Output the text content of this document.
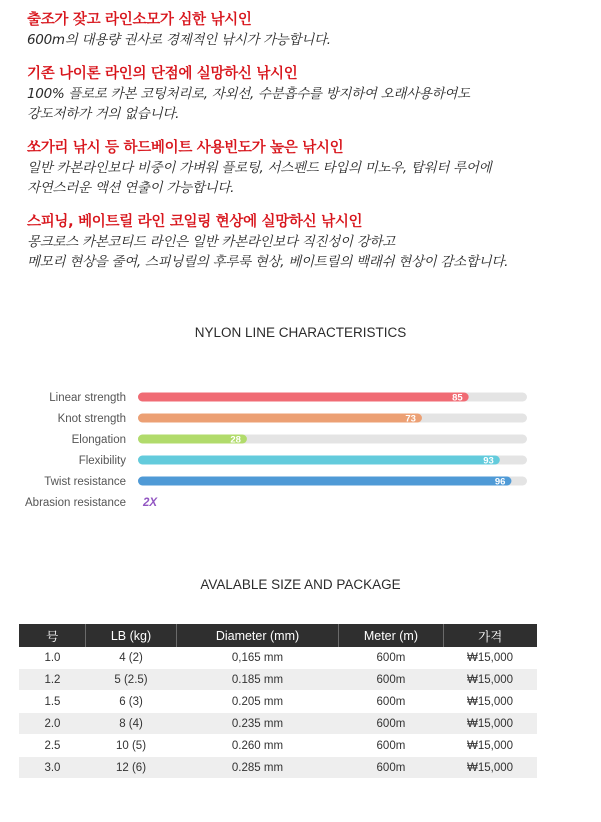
출조가 잦고 라인소모가 심한 낚시인
600m의 대용량 권사로 경제적인 낚시가 가능합니다.
기존 나이론 라인의 단점에 실망하신 낚시인
100% 플로로 카본 코팅처리로, 자외선, 수분흡수를 방지하여 오래사용하여도
강도저하가 거의 없습니다.
쏘가리 낚시 등 하드베이트 사용빈도가 높은 낚시인
일반 카본라인보다 비중이 가벼워 플로팅, 서스펜드 타입의 미노우, 탑워터 루어에
자연스러운 액션 연출이 가능합니다.
스피닝, 베이트릴 라인 코일링 현상에 실망하신 낚시인
몽크로스 카본코티드 라인은 일반 카본라인보다 직진성이 강하고
메모리 현상을 줄여, 스피닝릴의 후루룩 현상, 베이트릴의 백래쉬 현상이 감소합니다.
NYLON LINE CHARACTERISTICS
Linear strength	85
Knot strength	73
Elongation	28
Flexibility	93
Twist resistance	96
Abrasion resistance 2X
AVALABLE SIZE AND PACKAGE
号	LB (kg)	Diameter (mm)	Meter (m)	가격
1.0	4 (2)	0,165 mm	600m	₩15,000
1.2	5 (2.5)	0.185 mm	600m	₩15,000
1.5	6 (3)	0.205 mm	600m	₩15,000
2.0	8 (4)	0.235 mm	600m	₩15,000
2.5	10 (5)	0.260 mm	600m	₩15,000
3.0	12 (6)	0.285 mm	600m	₩15,000
